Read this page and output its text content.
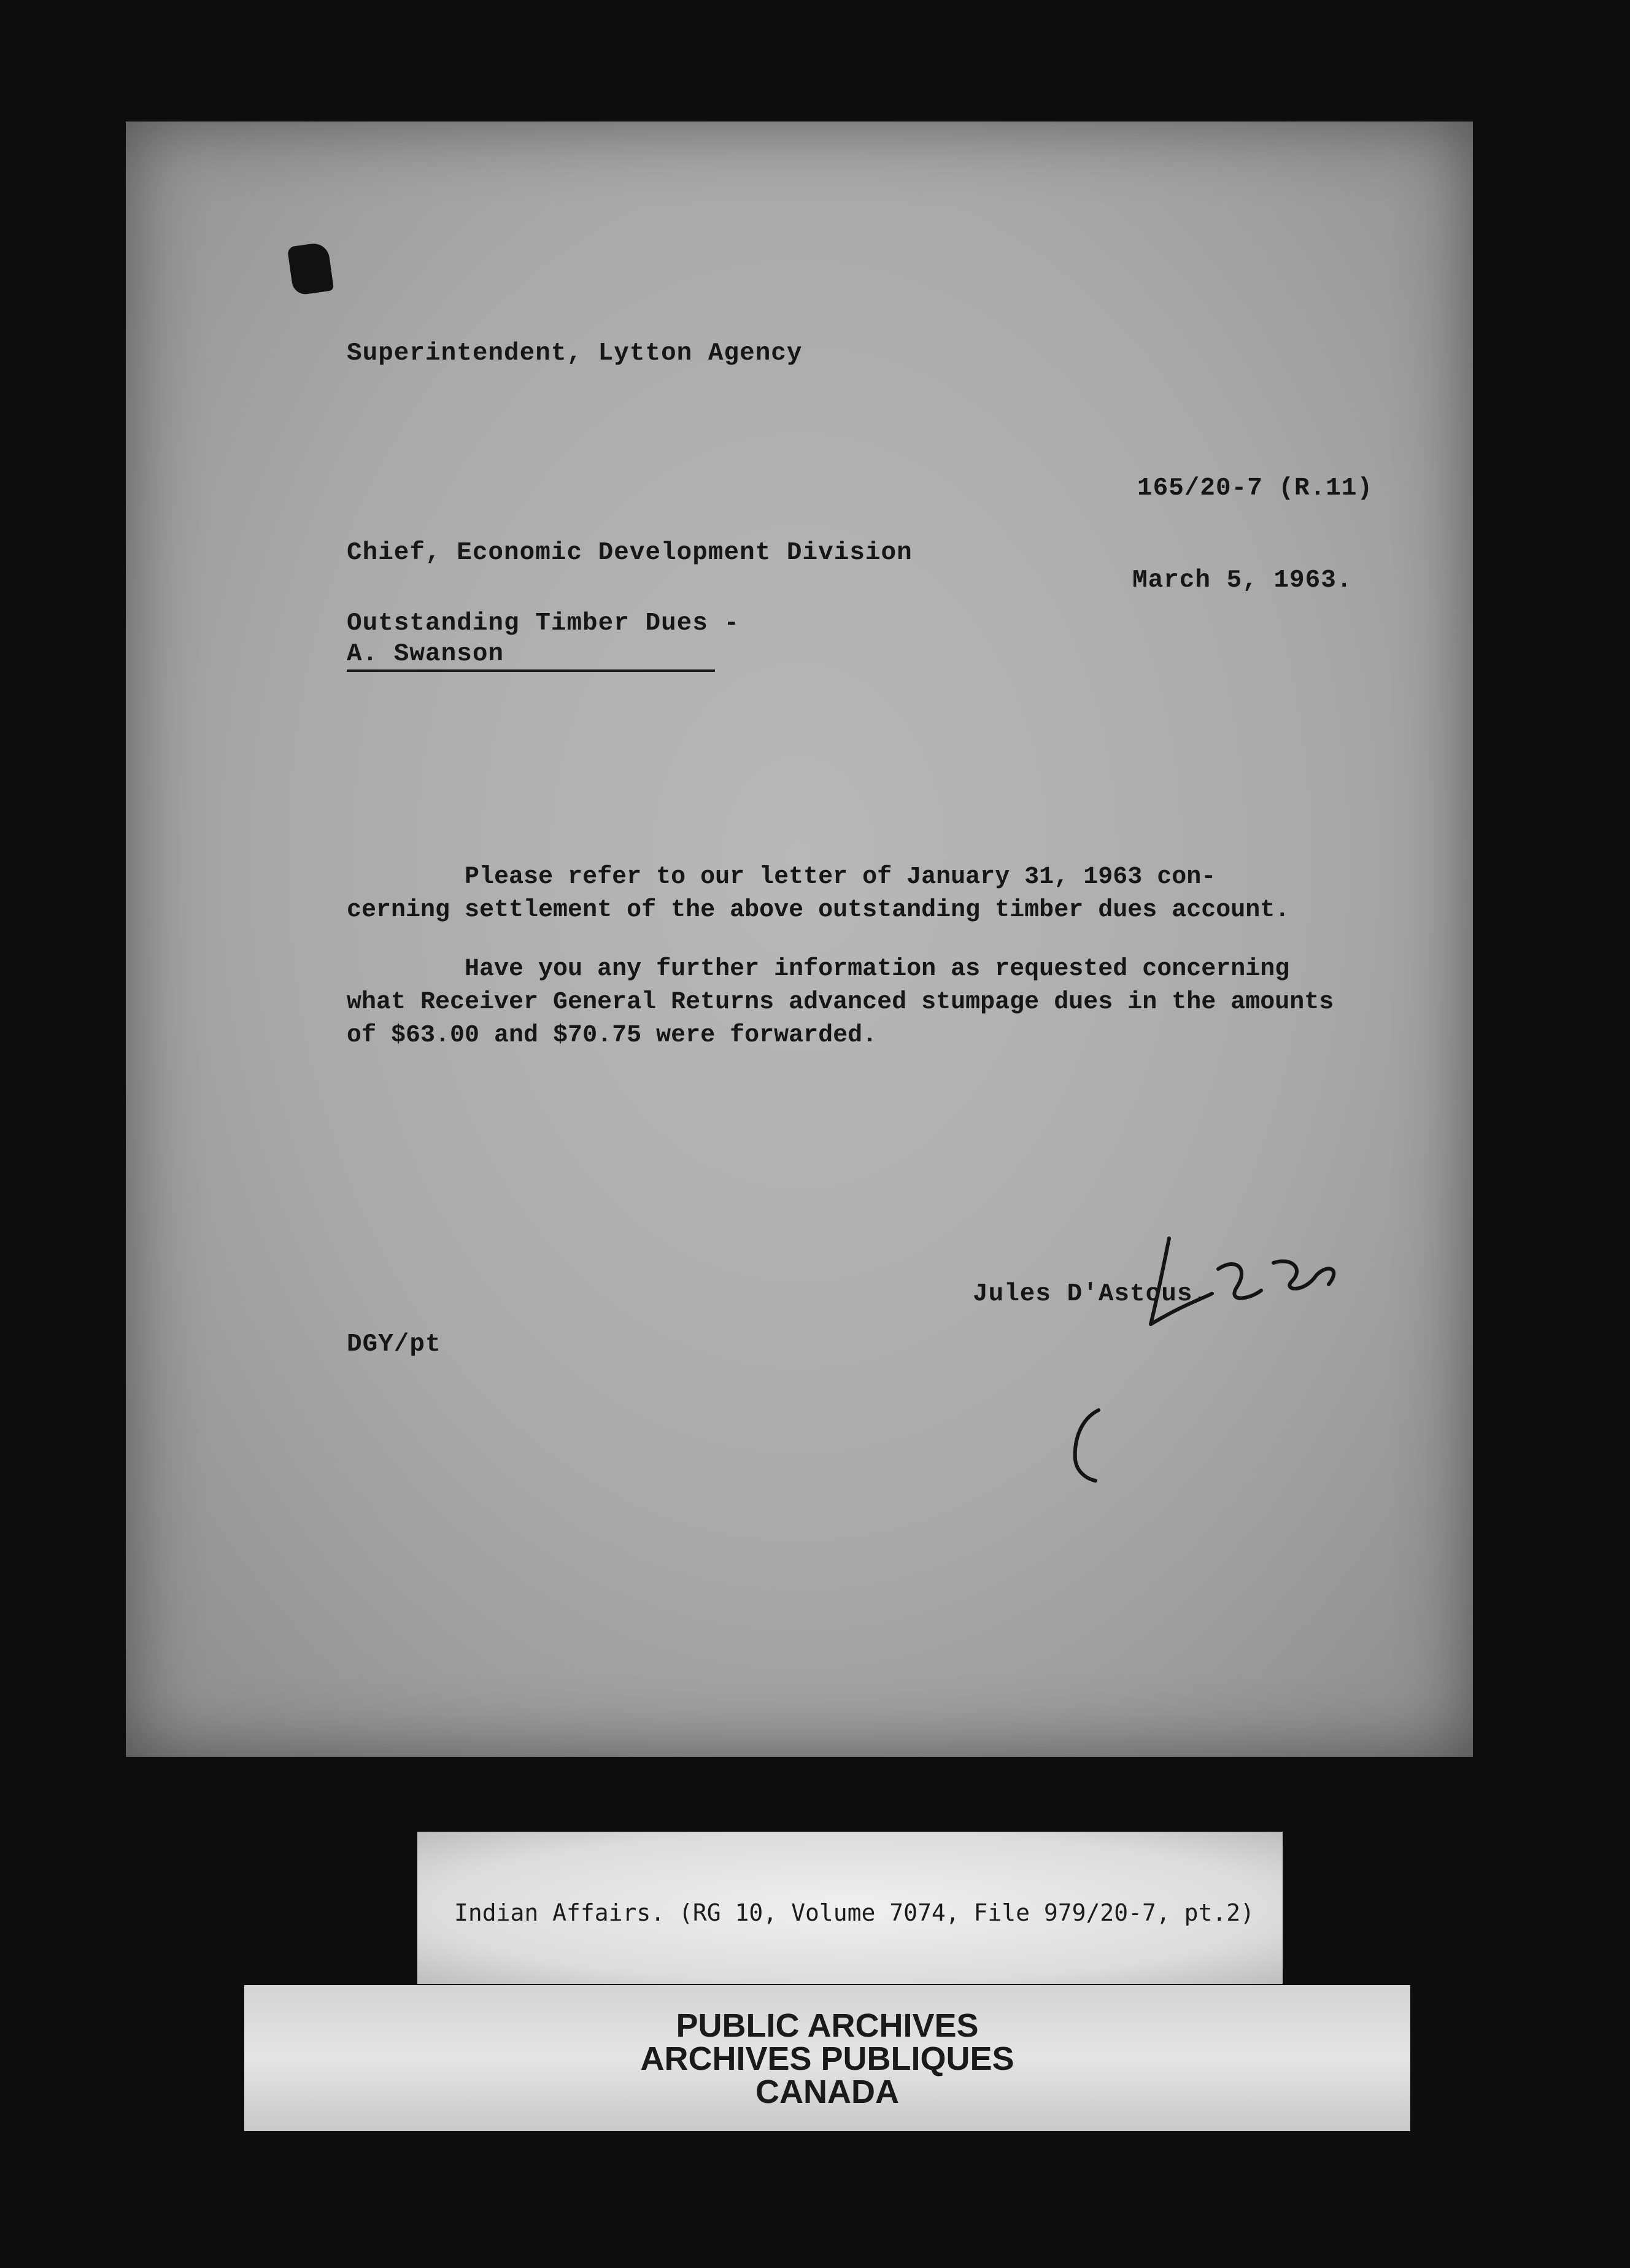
Superintendent, Lytton Agency
165/20-7 (R.11)
Chief, Economic Development Division
March 5, 1963.
Outstanding Timber Dues -
A. Swanson
Please refer to our letter of January 31, 1963 con-
cerning settlement of the above outstanding timber dues account.
Have you any further information as requested concerning
what Receiver General Returns advanced stumpage dues in the amounts
of $63.00 and $70.75 were forwarded.
Jules D'Astous.
DGY/pt
Indian Affairs. (RG 10, Volume 7074, File 979/20-7, pt.2)
PUBLIC ARCHIVES
ARCHIVES PUBLIQUES
CANADA
